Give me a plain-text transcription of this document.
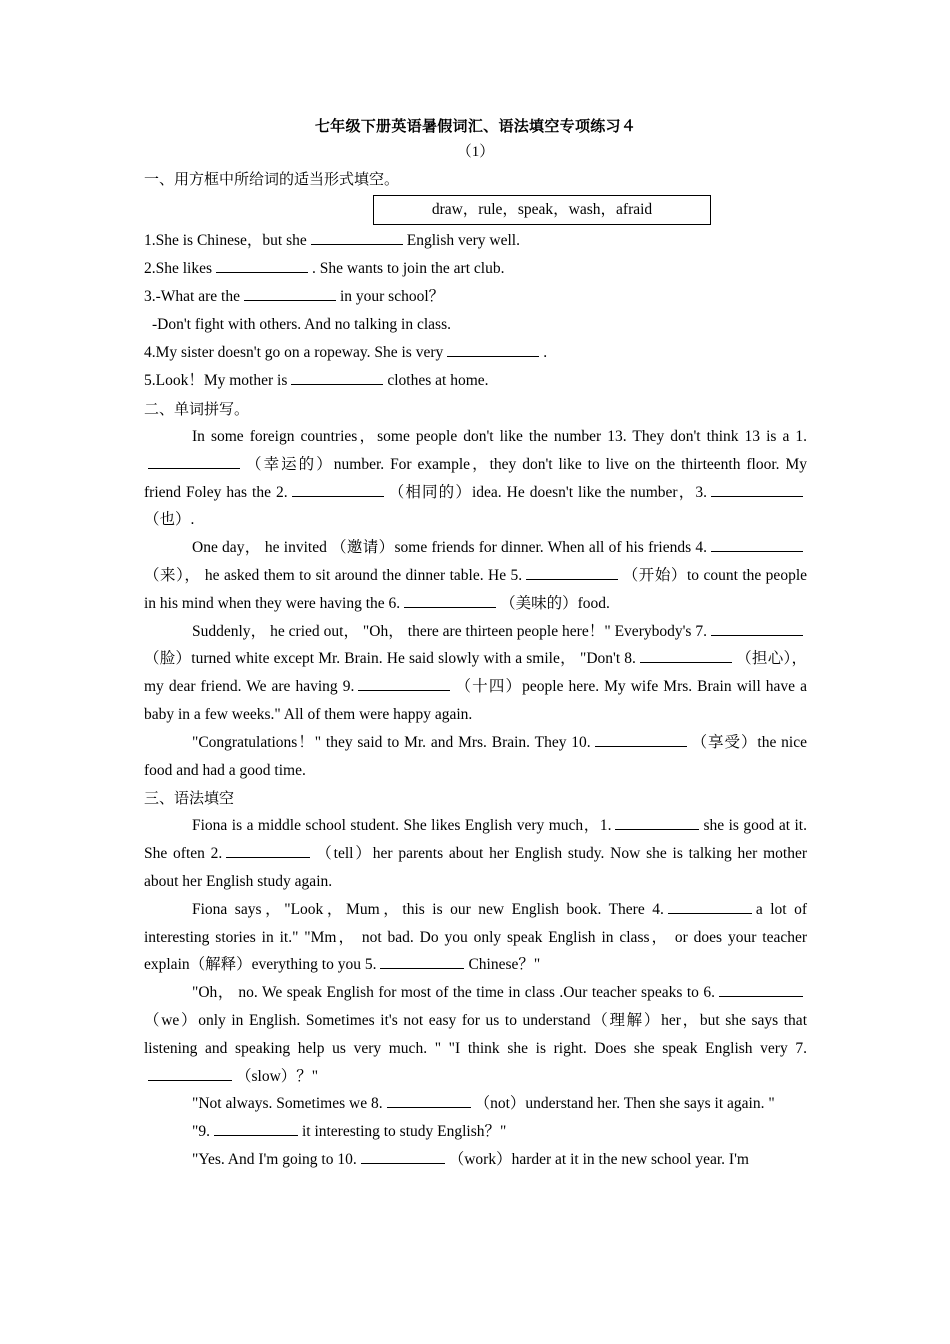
七年级下册英语暑假词汇、语法填空专项练习４
（1）
一、用方框中所给词的适当形式填空。
draw，rule，speak，wash，afraid
1.She is Chinese，but she	English very well.
2.She likes	. She wants to join the art club.
3.-What are the	in your school？
-Don't fight with others. And no talking in class.
4.My sister doesn't go on a ropeway. She is very	.
5.Look！My mother is	clothes at home.
二、单词拼写。

In some foreign countries，some people don't like the number 13. They don't think 13 is a 1.（幸运的）number. For example，they don't like to live on the thirteenth floor. My friend Foley has the 2.	（相同的）idea. He doesn't like the number，3.（也）.

One day， he invited （邀请）some friends for dinner. When all of his friends 4.（来）， he asked them to sit around the dinner table. He 5.	（开始）to count the people in his mind when they were having the 6.	（美味的）food.

Suddenly， he cried out， "Oh， there are thirteen people here！" Everybody's 7.（脸）turned white except Mr. Brain. He said slowly with a smile， "Don't 8.	（担心）， my dear friend. We are having 9.	（十四）people here. My wife Mrs. Brain will have a baby in a few weeks." All of them were happy again.

"Congratulations！" they said to Mr. and Mrs. Brain. They 10.	（享受）the nice food and had a good time.

三、语法填空

Fiona is a middle school student. She likes English very much，1.	she is good at it. She often 2.	（tell）her parents about her English study. Now she is talking her mother about her English study again.

Fiona says，"Look，Mum，this is our new English book. There 4.	a lot of interesting stories in it." "Mm， not bad. Do you only speak English in class， or does your teacher explain（解释）everything to you 5.	Chinese？"

"Oh， no. We speak English for most of the time in class .Our teacher speaks to 6.（we）only in English. Sometimes it's not easy for us to understand（理解）her，but she says that listening and speaking help us very much. " "I think she is right. Does she speak English very 7.（slow）？"

"Not always. Sometimes we 8.	（not）understand her. Then she says it again. "

"9.	it interesting to study English？"

"Yes. And I'm going to 10.	（work）harder at it in the new school year. I'm
